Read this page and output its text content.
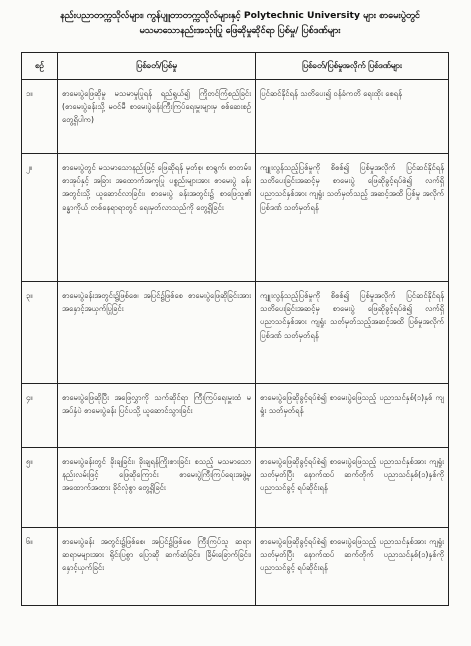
နည်းပညာတက္ကသိုလ်များ၊ ကွန်ပျူတာတက္ကသိုလ်များနှင့် Polytechnic University များ စာမေးပွဲတွင် မသမာသောနည်းအသုံးပြု ဖြေဆိုမှုဆိုင်ရာ ပြစ်မှု/ ပြစ်ဒဏ်များ
စဉ်	ပြစ်ခတ်/ပြစ်မှု	ပြစ်ခတ်/ပြစ်မှုအလိုက် ပြစ်ဒဏ်များ
၁။	စာမေးပွဲဖြေဆိုမှု မသမာမှုပြုရန် ရည်ရွယ်၍ ကြိုတင်ကြံစည်ခြင်း (စာမေးပွဲခန်းသို့ မဝင်မီ စာမေးပွဲခန်းကြီးကြပ်ရေးမှူးများမှ စစ်ဆေးစဉ် တွေ့ရှိပါက)	ပြင်ဆင်နိုင်ရန် သတိပေး၍ ဝန်ခံကတိ ရေးထိုး စေရန်
၂။	စာမေးပွဲတွင် မသမာသောနည်းဖြင့် ဖြေဆိုရန် မှတ်စု၊ စာရွက်၊ စာတမ်း၊ စာအုပ်နှင့် အခြား အထောက်အကူပြု ပစ္စည်းများအား စာမေးပွဲ ခန်းအတွင်းသို့ ယူဆောင်လာခြင်း၊ စာမေးပွဲ ခန်းအတွင်း၌ စာဖြေသူ၏ ခန္ဓာကိုယ် တစ်နေရာရာတွင် ရေးမှတ်လာသည်ကို တွေ့ရှိခြင်း	ကျူးလွန်သည့်ပြစ်မှုကို စိစစ်၍ ပြစ်မှုအလိုက် ပြင်ဆင်နိုင်ရန်သတိပေးခြင်းအဆင့်မှ စာမေးပွဲ ဖြေဆိုခွင့်ရပ်စဲ၍ လက်ရှိပညာသင်နှစ်အား ကျရှုံး သတ်မှတ်သည့် အဆင့်အထိ ပြစ်မှု အလိုက် ပြစ်ဒဏ် သတ်မှတ်ရန်
၃။	စာမေးပွဲခန်းအတွင်း၌ဖြစ်စေ၊ အပြင်၌ဖြစ်စေ စာမေးပွဲဖြေဆိုခြင်းအား အနှောင့်အယှက်ပြုခြင်း	ကျူးလွန်သည့်ပြစ်မှုကို စိစစ်၍ ပြစ်မှုအလိုက် ပြင်ဆင်နိုင်ရန် သတိပေးခြင်းအဆင့်မှ စာမေးပွဲ ဖြေဆိုခွင့်ရပ်စဲ၍ လက်ရှိပညာသင်နှစ်အား ကျရှုံး သတ်မှတ်သည့်အဆင့်အထိ ပြစ်မှုအလိုက် ပြစ်ဒဏ် သတ်မှတ်ရန်
၄။	စာမေးပွဲဖြေဆိုပြီး အဖြေလွှာကို သက်ဆိုင်ရာ ကြီးကြပ်ရေးမှူးထံ မအပ်နှံပဲ စာမေးပွဲခန်း ပြင်ပသို့ ယူဆောင်သွားခြင်း	စာမေးပွဲဖြေဆိုခွင့်ရပ်စဲ၍ စာမေးပွဲဖြေသည့် ပညာသင်နှစ်(၁)နှစ် ကျရှုံး သတ်မှတ်ရန်
၅။	စာမေးပွဲခန်းတွင် ခိုးချခြင်း၊ ခိုးချရန်ကြိုးစားခြင်း စသည့် မသမာသောနည်းလမ်းဖြင့် ဖြေဆိုကြောင်း စာမေးပွဲကြီးကြပ်ရေးအဖွဲ့မှ အထောက်အထား ခိုင်လုံစွာ တွေ့ရှိခြင်း	စာမေးပွဲဖြေဆိုခွင့်ရပ်စဲ၍ စာမေးပွဲဖြေသည့် ပညာသင်နှစ်အား ကျရှုံးသတ်မှတ်ပြီး နောက်ထပ် ဆက်တိုက် ပညာသင်နှစ်(၁)နှစ်ကို ပညာသင်ခွင့် ရပ်ဆိုင်းရန်
၆။	စာမေးပွဲခန်း အတွင်း၌ဖြစ်စေ၊ အပြင်၌ဖြစ်စေ ကြီးကြပ်သူ ဆရာ၊ဆရာမများအား ရိုင်းပြစွာ ပြောဆို ဆက်ဆံခြင်း၊ ခြိမ်းခြောက်ခြင်း၊ နှောင့်ယှက်ခြင်း	စာမေးပွဲဖြေဆိုခွင့်ရပ်စဲ၍ စာမေးပွဲဖြေသည့် ပညာသင်နှစ်အား ကျရှုံး သတ်မှတ်ပြီး နောက်ထပ် ဆက်တိုက် ပညာသင်နှစ်(၁)နှစ်ကို ပညာသင်ခွင့် ရပ်ဆိုင်းရန်
